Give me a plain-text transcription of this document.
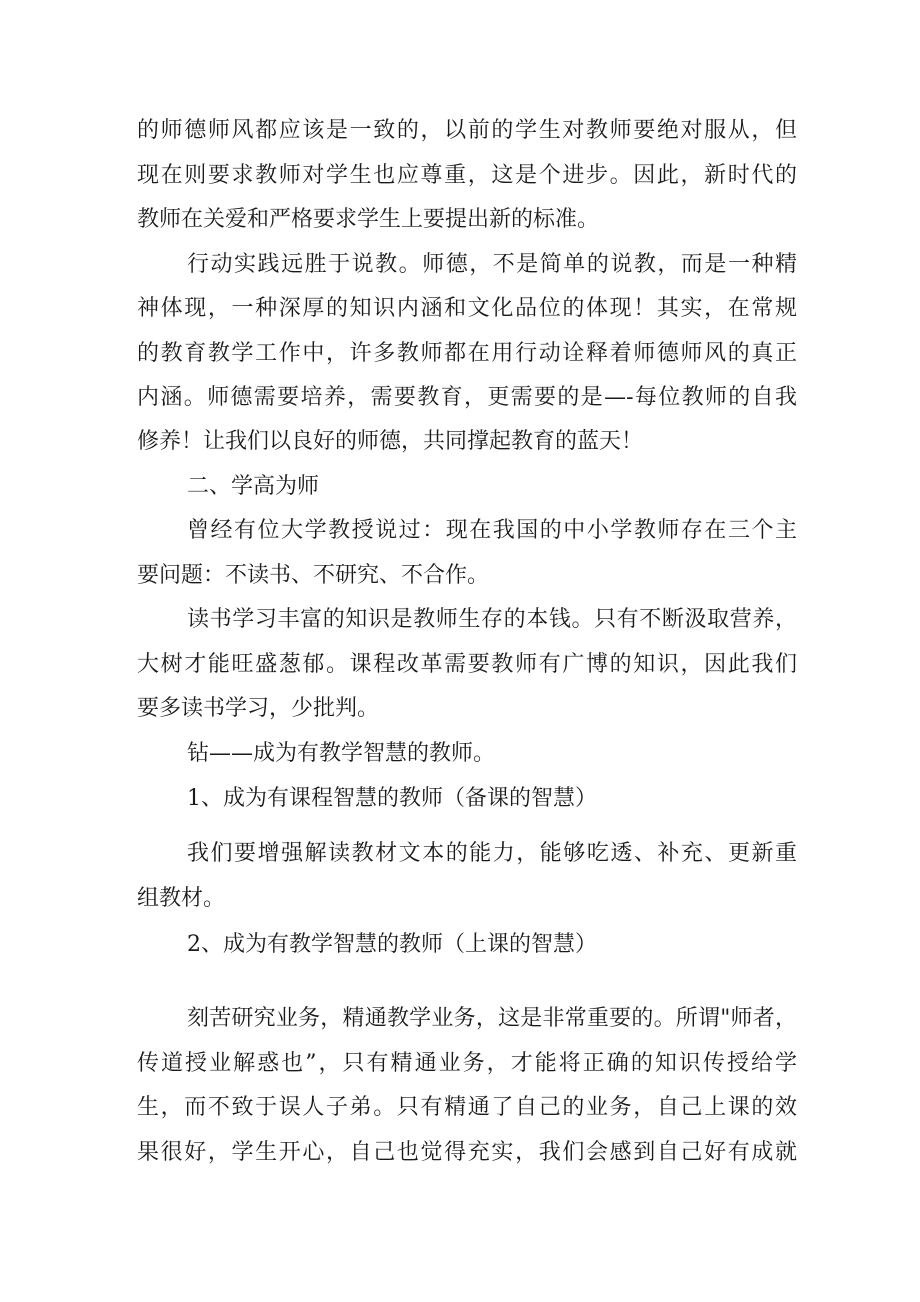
的师德师风都应该是一致的，以前的学生对教师要绝对服从，但
现在则要求教师对学生也应尊重，这是个进步。因此，新时代的
教师在关爱和严格要求学生上要提出新的标准。
行动实践远胜于说教。师德，不是简单的说教，而是一种精
神体现，一种深厚的知识内涵和文化品位的体现！其实，在常规
的教育教学工作中，许多教师都在用行动诠释着师德师风的真正
内涵。师德需要培养，需要教育，更需要的是—-每位教师的自我
修养！让我们以良好的师德，共同撑起教育的蓝天！
二、学高为师
曾经有位大学教授说过：现在我国的中小学教师存在三个主
要问题：不读书、不研究、不合作。
读书学习丰富的知识是教师生存的本钱。只有不断汲取营养，
大树才能旺盛葱郁。课程改革需要教师有广博的知识，因此我们
要多读书学习，少批判。
钻——成为有教学智慧的教师。
1、成为有课程智慧的教师（备课的智慧）
我们要增强解读教材文本的能力，能够吃透、补充、更新重
组教材。
2、成为有教学智慧的教师（上课的智慧）
刻苦研究业务，精通教学业务，这是非常重要的。所谓"师者，
传道授业解惑也”，只有精通业务，才能将正确的知识传授给学
生，而不致于误人子弟。只有精通了自己的业务，自己上课的效
果很好，学生开心，自己也觉得充实，我们会感到自己好有成就
